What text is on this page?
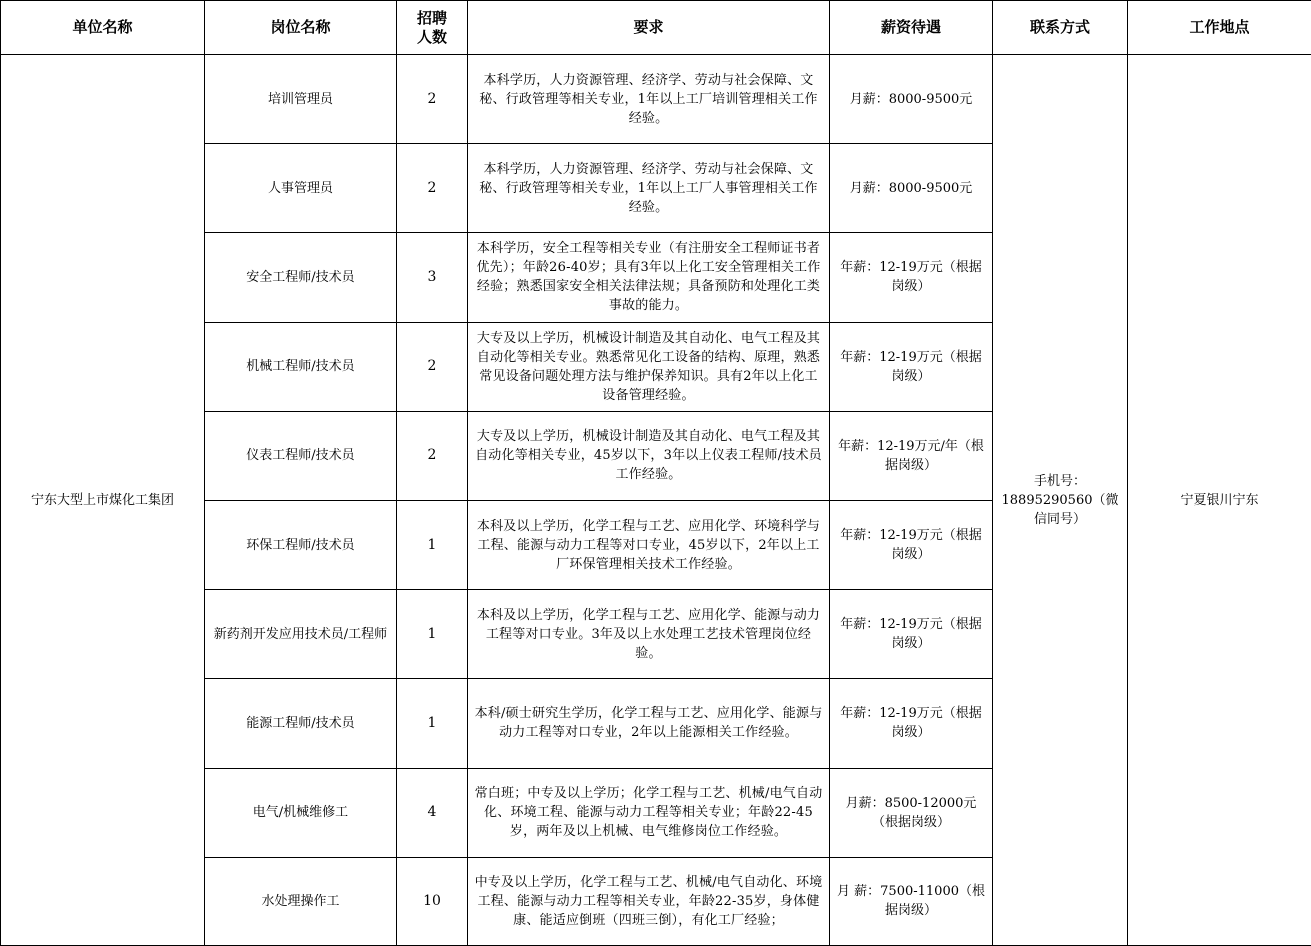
单位名称	岗位名称	招聘人数	要求	薪资待遇	联系方式	工作地点
宁东大型上市煤化工集团	培训管理员	2	本科学历，人力资源管理、经济学、劳动与社会保障、文秘、行政管理等相关专业，1年以上工厂培训管理相关工作经验。	月薪：8000-9500元	手机号：18895290560（微信同号）	宁夏银川宁东
	人事管理员	2	本科学历，人力资源管理、经济学、劳动与社会保障、文秘、行政管理等相关专业，1年以上工厂人事管理相关工作经验。	月薪：8000-9500元		
	安全工程师/技术员	3	本科学历，安全工程等相关专业（有注册安全工程师证书者优先）；年龄26-40岁；具有3年以上化工安全管理相关工作经验；熟悉国家安全相关法律法规；具备预防和处理化工类事故的能力。	年薪：12-19万元（根据岗级）		
	机械工程师/技术员	2	大专及以上学历，机械设计制造及其自动化、电气工程及其自动化等相关专业。熟悉常见化工设备的结构、原理，熟悉常见设备问题处理方法与维护保养知识。具有2年以上化工设备管理经验。	年薪：12-19万元（根据岗级）		
	仪表工程师/技术员	2	大专及以上学历，机械设计制造及其自动化、电气工程及其自动化等相关专业，45岁以下，3年以上仪表工程师/技术员工作经验。	年薪：12-19万元/年（根据岗级）		
	环保工程师/技术员	1	本科及以上学历，化学工程与工艺、应用化学、环境科学与工程、能源与动力工程等对口专业，45岁以下，2年以上工厂环保管理相关技术工作经验。	年薪：12-19万元（根据岗级）		
	新药剂开发应用技术员/工程师	1	本科及以上学历，化学工程与工艺、应用化学、能源与动力工程等对口专业。3年及以上水处理工艺技术管理岗位经验。	年薪：12-19万元（根据岗级）		
	能源工程师/技术员	1	本科/硕士研究生学历，化学工程与工艺、应用化学、能源与动力工程等对口专业，2年以上能源相关工作经验。	年薪：12-19万元（根据岗级）		
	电气/机械维修工	4	常白班；中专及以上学历；化学工程与工艺、机械/电气自动化、环境工程、能源与动力工程等相关专业；年龄22-45岁，两年及以上机械、电气维修岗位工作经验。	月薪：8500-12000元（根据岗级）		
	水处理操作工	10	中专及以上学历，化学工程与工艺、机械/电气自动化、环境工程、能源与动力工程等相关专业，年龄22-35岁，身体健康、能适应倒班（四班三倒），有化工厂经验；	月 薪：7500-11000（根据岗级）		
